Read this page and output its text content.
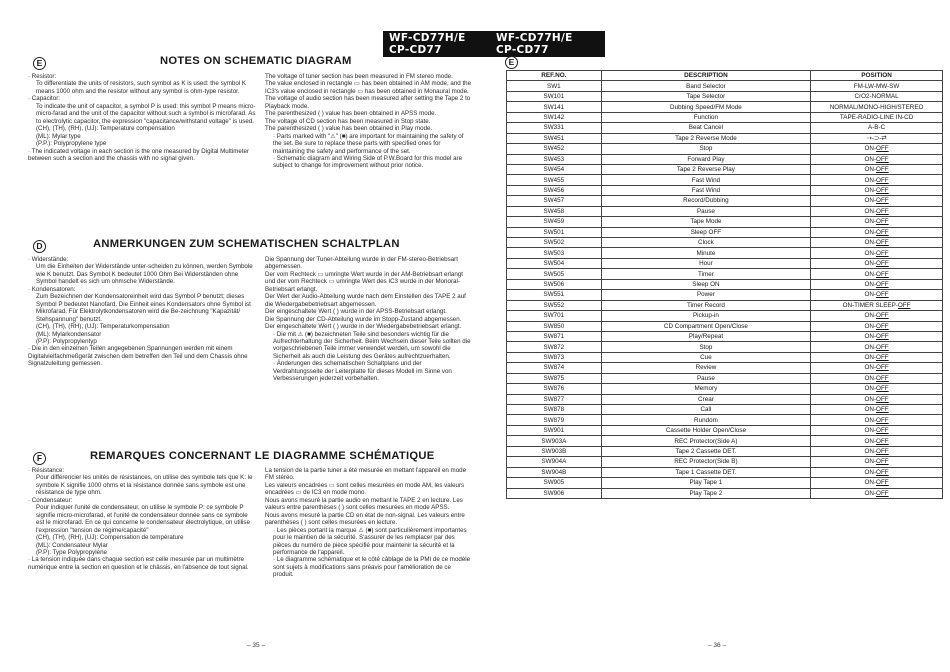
WF-CD77H/E
CP-CD77
WF-CD77H/E
CP-CD77
E	NOTES ON SCHEMATIC DIAGRAM

· Resistor:

To differentiate the units of resistors, such symbol as K is used: the symbol K means 1000 ohm and the resistor without any symbol is ohm-type resistor.

· Capacitor:

To indicate the unit of capacitor, a symbol P is used: this symbol P means micro-micro-farad and the unit of the capacitor without such a symbol is microfarad. As to electrolytic capacitor, the expression "capacitance/withstand voltage" is used.

(CH), (TH), (RH), (UJ): Temperature compensation

(ML): Mylar type

(P.P.): Polypropylene type

· The indicated voltage in each section is the one measured by Digital Multimeter between such a section and the chassis with no signal given.

The voltage of tuner section has been measured in FM stereo mode.

The value enclosed in rectangle ▭ has been obtained in AM mode, and the IC3's value enclosed in rectangle ▭ has been obtained in Monaural mode.

The voltage of audio section has been measured after setting the Tape 2 to Playback mode.

The parenthesized ( ) value has been obtained in APSS mode.

The voltage of CD section has been measured in Stop state.

The parenthesized ( ) value has been obtained in Play mode.

· Parts marked with "⚠" (■) are important for maintaining the safety of the set. Be sure to replace these parts with specified ones for maintaining the safety and performance of the set.

· Schematic diagram and Wiring Side of P.W.Board for this model are subject to change for improvement without prior notice.

D	ANMERKUNGEN ZUM SCHEMATISCHEN SCHALTPLAN

· Widerstände:

Um die Einheiten der Widerstände unter-scheiden zu können, werden Symbole wie K benutzt. Das Symbol K bedeutet 1000 Ohm Bei Widerständen ohne Symbol handelt es sich um ohmsche Widerstände.

· Kondensatoren:

Zum Bezeichnen der Kondensatoreinheit wird das Symbol P benutzt; dieses Symbol P bedeutet Nanofard. Die Einheit eines Kondensators ohne Symbol ist Mikrofarad. Für Elektrolytkondensatoren wird die Be-zeichnung "Kapazität/ Stehspannung" benutzt.

(CH), (TH), (RH), (UJ): Temperaturkompensation

(ML): Mylarkondensator

(P.P): Polypropylentyp

· Die in den einzelnen Teilen angegebenen Spannungen werden mit einem Digitalvielfachmeßgerät zwischen dem betreffen den Teil und dem Chassis ohne Signalzuleitung gemessen.

Die Spannung der Tuner-Abteilung wurde in der FM-stereo-Betriebsart abgemessen.

Der vom Rechteck ▭ umringte Wert wurde in der AM-Betriebsart erlangt und der vom Rechteck ▭ umringte Wert des IC3 wurde in der Monoral-Betriebsart erlangt.

Der Wert der Audio-Abteilung wurde nach dem Einstellen des TAPE 2 auf die Wiedergabebetriebsart abgemessen.

Der eingeschaltete Wert ( ) wurde in der APSS-Betriebsart erlangt.

Die Spannung der CD-Abteilung wurde im Stopp-Zustand abgemessen. Der eingeschaltete Wert ( ) wurde in der Wiedergabebetriebsart erlangt.

· Die mit ⚠ (■) bezeichneten Teile sind besonders wichtig für die Aufrechterhaltung der Sicherheit. Beim Wechseln dieser Teile sollten die vorgeschriebenen Teile immer verwendet werden, um sowohl die Sicherheit als auch die Leistung des Gerätes aufrechtzuerhalten.

· Änderungen des schematischen Schaltplans und der Verdrahtungsseite der Leiterplatte für dieses Modell im Sinne von Verbesserungen jederzeit vorbehalten.

F	REMARQUES CONCERNANT LE DIAGRAMME SCHÉMATIQUE

· Résistance:

Pour différencier les unités de résistances, on utilise des symbole tels que K: le symbole K signifie 1000 ohms et la résistance donnée sans symbole est une résistance de type ohm.

· Condensateur:

Pour indiquer l'unité de condensateur, on utilise le symbole P: ce symbole P signifie micro-microfarad, et l'unité de condensateur donnée sans ce symbole est le microfarad. En ce qui concerne le condensateur électrolytique, on utilise l'expression "tension de régime/capacité"

(CH), (TH), (RH), (UJ): Compensation de température

(ML): Condensateur Mylar

(P.P): Type Polypropylène

· La tension indiquée dans chaque section est celle mesurée par un multimètre numérique entre la section en question et le châssis, en l'absence de tout signal.

La tension de la partie tuner a été mesurée en mettant l'appareil en mode FM stéréo.

Les valeurs encadrées ▭ sont celles mesurées en mode AM, les valeurs encadrées ▭ de IC3 en mode mono.

Nous avons mesuré la partie audio en mettant le TAPE 2 en lecture. Les valeurs entre parenthèses ( ) sont celles mesurées en mode APSS.

Nous avons mesuré la partie CD en état de non-signal. Les valeurs entre parenthèses ( ) sont celles mesurées en lecture.

· Les pièces portant la marque ⚠ (■) sont particulièrement importantes pour le maintien de la sécurité. S'assurer de les remplacer par des pièces du numéro de pièce spécifié pour maintenir la sécurité et la performance de l'appareil.

· Le diagramme schématique et le côté câblage de la PMI de ce modèle sont sujets à modifications sans préavis pour l'amélioration de ce produit.

E
REF.NO.	DESCRIPTION	POSITION
SW1	Band Selector	FM-LW-MW-SW
SW101	Tape Selector	CrO2-NORMAL
SW141	Dubbing Speed/FM Mode	NORMAL/MONO-HIGH/STEREO
SW142	Function	TAPE-RADIO-LINE IN-CD
SW331	Beat Cancel	A-B-C
SW451	Tape 2 Reverse Mode	⇢-⊃-⇄
SW452	Stop	ON-OFF
SW453	Forward Play	ON-OFF
SW454	Tape 2 Reverse Play	ON-OFF
SW455	Fast Wind	ON-OFF
SW456	Fast Wind	ON-OFF
SW457	Record/Dubbing	ON-OFF
SW458	Pause	ON-OFF
SW459	Tape Mode	ON-OFF
SW501	Sleep OFF	ON-OFF
SW502	Clock	ON-OFF
SW503	Minute	ON-OFF
SW504	Hour	ON-OFF
SW505	Timer	ON-OFF
SW506	Sleep ON	ON-OFF
SW551	Power	ON-OFF
SW552	Timer Record	ON-TIMER SLEEP-OFF
SW701	Pickup-in	ON-OFF
SW850	CD Compartment Open/Close	ON-OFF
SW871	Play/Repeat	ON-OFF
SW872	Stop	ON-OFF
SW873	Cue	ON-OFF
SW874	Review	ON-OFF
SW875	Pause	ON-OFF
SW876	Memory	ON-OFF
SW877	Crear	ON-OFF
SW878	Call	ON-OFF
SW879	Rundom	ON-OFF
SW901	Cassette Holder Open/Close	ON-OFF
SW903A	REC Protector(Side A)	ON-OFF
SW903B	Tape 2 Cassette DET.	ON-OFF
SW904A	REC Protector(Side B)	ON-OFF
SW904B	Tape 1 Cassette DET.	ON-OFF
SW905	Play Tape 1	ON-OFF
SW906	Play Tape 2	ON-OFF
– 35 –	– 36 –
